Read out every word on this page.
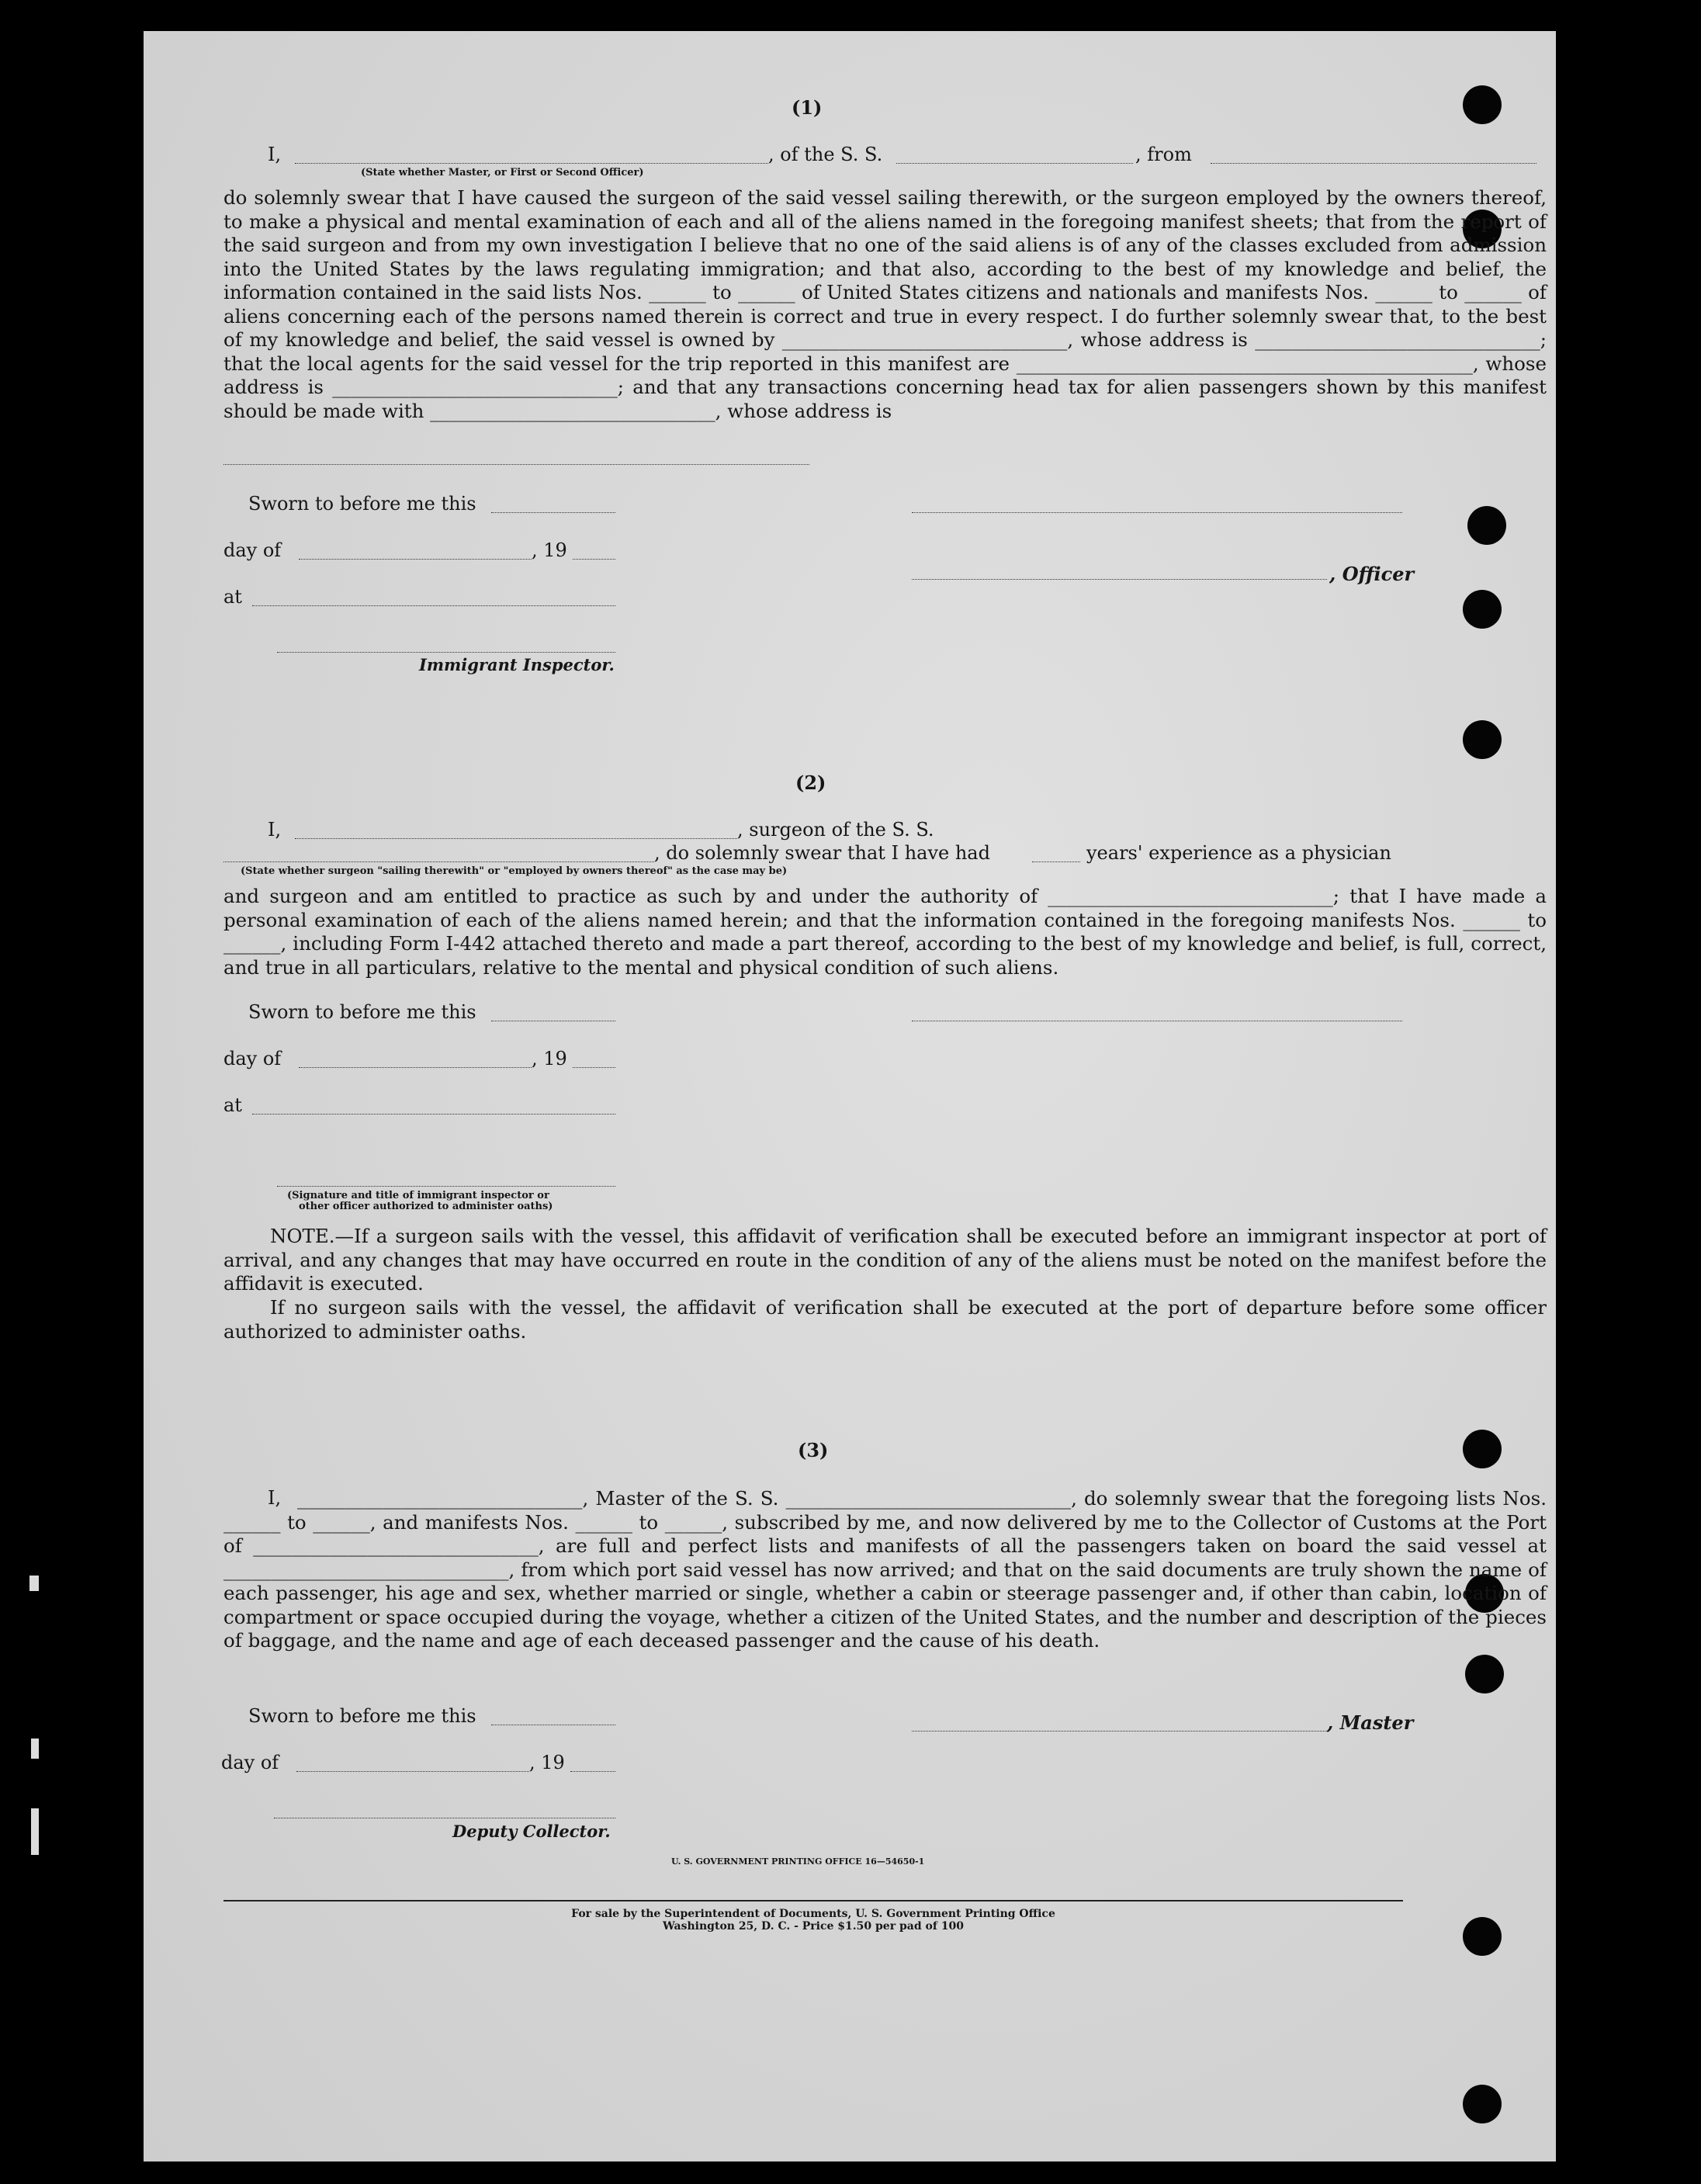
(1)
I,	, of the S. S.	, from
(State whether Master, or First or Second Officer)
do solemnly swear that I have caused the surgeon of the said vessel sailing therewith, or the surgeon employed by the owners thereof, to make a physical and mental examination of each and all of the aliens named in the foregoing manifest sheets; that from the report of the said surgeon and from my own investigation I believe that no one of the said aliens is of any of the classes excluded from admission into the United States by the laws regulating immigration; and that also, according to the best of my knowledge and belief, the information contained in the said lists Nos. ______ to ______ of United States citizens and nationals and manifests Nos. ______ to ______ of aliens concerning each of the persons named therein is correct and true in every respect. I do further solemnly swear that, to the best of my knowledge and belief, the said vessel is owned by ______________________________, whose address is ______________________________; that the local agents for the said vessel for the trip reported in this manifest are ________________________________________________, whose address is ______________________________; and that any transactions concerning head tax for alien passengers shown by this manifest should be made with ______________________________, whose address is
Sworn to before me this
day of	, 19
at
Immigrant Inspector.
, Officer
(2)
I,	, surgeon of the S. S.
, do solemnly swear that I have had	years' experience as a physician
(State whether surgeon "sailing therewith" or "employed by owners thereof" as the case may be)
and surgeon and am entitled to practice as such by and under the authority of ______________________________; that I have made a personal examination of each of the aliens named herein; and that the information contained in the foregoing manifests Nos. ______ to ______, including Form I-442 attached thereto and made a part thereof, according to the best of my knowledge and belief, is full, correct, and true in all particulars, relative to the mental and physical condition of such aliens.
Sworn to before me this
day of	, 19
at
(Signature and title of immigrant inspector or
other officer authorized to administer oaths)
NOTE.—If a surgeon sails with the vessel, this affidavit of verification shall be executed before an immigrant inspector at port of arrival, and any changes that may have occurred en route in the condition of any of the aliens must be noted on the manifest before the affidavit is executed.
If no surgeon sails with the vessel, the affidavit of verification shall be executed at the port of departure before some officer authorized to administer oaths.
(3)
I, ______________________________, Master of the S. S. ______________________________, do solemnly swear that the foregoing lists Nos. ______ to ______, and manifests Nos. ______ to ______, subscribed by me, and now delivered by me to the Collector of Customs at the Port of ______________________________, are full and perfect lists and manifests of all the passengers taken on board the said vessel at ______________________________, from which port said vessel has now arrived; and that on the said documents are truly shown the name of each passenger, his age and sex, whether married or single, whether a cabin or steerage passenger and, if other than cabin, location of compartment or space occupied during the voyage, whether a citizen of the United States, and the number and description of the pieces of baggage, and the name and age of each deceased passenger and the cause of his death.
Sworn to before me this	, Master
day of	, 19
Deputy Collector.
U. S. GOVERNMENT PRINTING OFFICE 16—54650-1
For sale by the Superintendent of Documents, U. S. Government Printing Office
Washington 25, D. C. - Price $1.50 per pad of 100
